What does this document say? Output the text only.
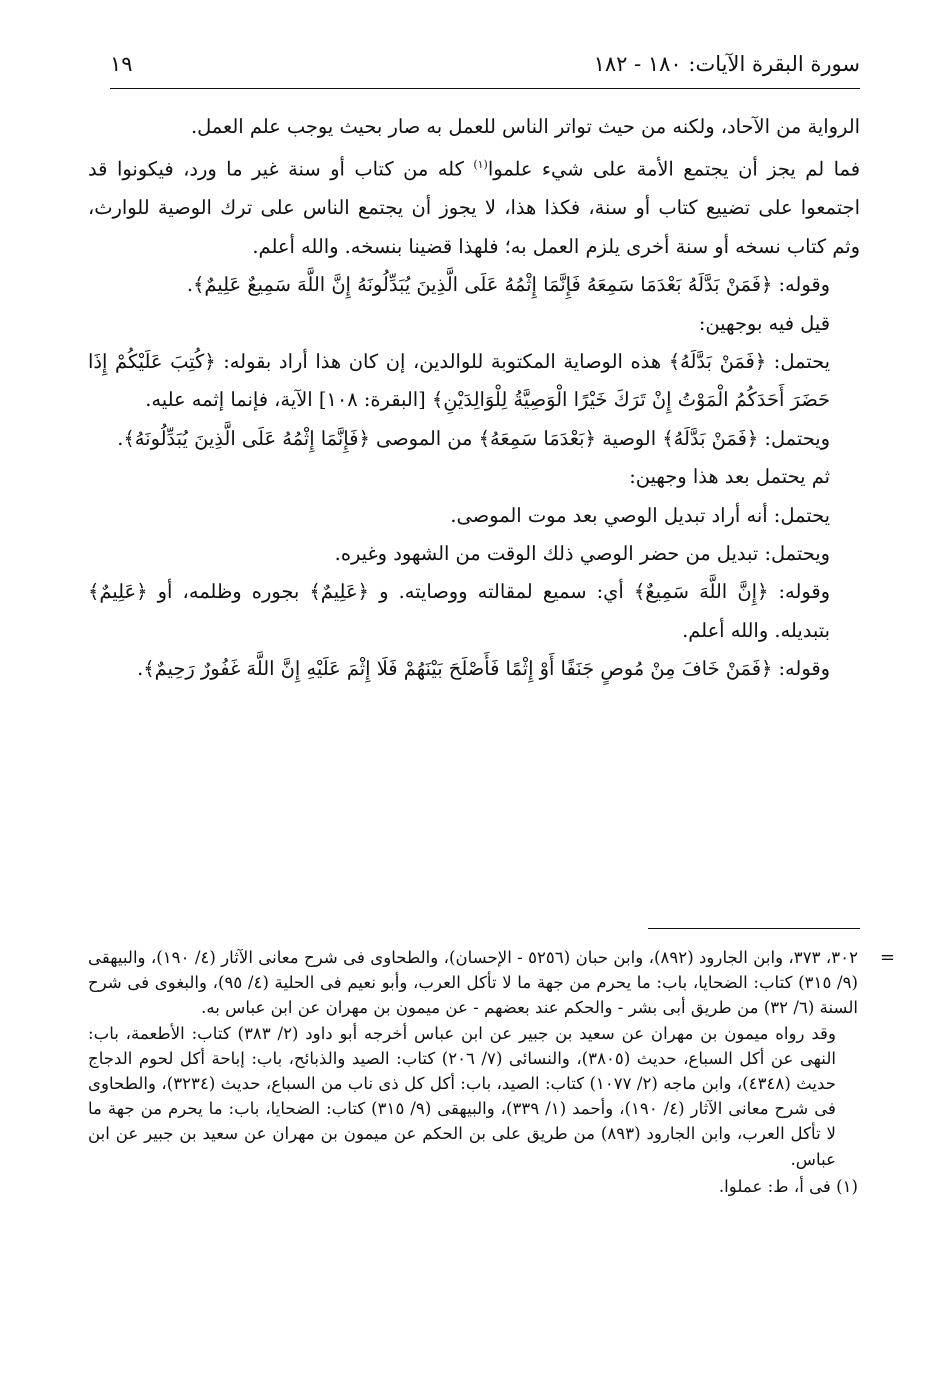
سورة البقرة الآيات: ١٨٠ - ١٨٢
١٩

الرواية من الآحاد، ولكنه من حيث تواتر الناس للعمل به صار بحيث يوجب علم العمل.

فما لم يجز أن يجتمع الأمة على شيء علموا$^{(١)}$ كله من كتاب أو سنة غير ما ورد، فيكونوا قد اجتمعوا على تضييع كتاب أو سنة، فكذا هذا، لا يجوز أن يجتمع الناس على ترك الوصية للوارث، وثم كتاب نسخه أو سنة أخرى يلزم العمل به؛ فلهذا قضينا بنسخه. والله أعلم.

وقوله: ﴿فَمَنْ بَدَّلَهُ بَعْدَمَا سَمِعَهُ فَإِنَّمَا إِثْمُهُ عَلَى الَّذِينَ يُبَدِّلُونَهُ إِنَّ اللَّهَ سَمِيعٌ عَلِيمٌ﴾.

قيل فيه بوجهين:

يحتمل: ﴿فَمَنْ بَدَّلَهُ﴾ هذه الوصاية المكتوبة للوالدين، إن كان هذا أراد بقوله: ﴿كُتِبَ عَلَيْكُمْ إِذَا حَضَرَ أَحَدَكُمُ الْمَوْتُ إِنْ تَرَكَ خَيْرًا الْوَصِيَّةُ لِلْوَالِدَيْنِ﴾ [البقرة: ١٠٨] الآية، فإنما إثمه عليه.

ويحتمل: ﴿فَمَنْ بَدَّلَهُ﴾ الوصية ﴿بَعْدَمَا سَمِعَهُ﴾ من الموصى ﴿فَإِنَّمَا إِثْمُهُ عَلَى الَّذِينَ يُبَدِّلُونَهُ﴾.

ثم يحتمل بعد هذا وجهين:

يحتمل: أنه أراد تبديل الوصي بعد موت الموصى.

ويحتمل: تبديل من حضر الوصي ذلك الوقت من الشهود وغيره.

وقوله: ﴿إِنَّ اللَّهَ سَمِيعٌ﴾ أي: سميع لمقالته ووصايته. و ﴿عَلِيمٌ﴾ بجوره وظلمه، أو ﴿عَلِيمٌ﴾ بتبديله. والله أعلم.

وقوله: ﴿فَمَنْ خَافَ مِنْ مُوصٍ جَنَفًا أَوْ إِثْمًا فَأَصْلَحَ بَيْنَهُمْ فَلَا إِثْمَ عَلَيْهِ إِنَّ اللَّهَ غَفُورٌ رَحِيمٌ﴾.

=

٣٠٢، ٣٧٣، وابن الجارود (٨٩٢)، وابن حبان (٥٢٥٦ - الإحسان)، والطحاوى فى شرح معانى الآثار (٤/ ١٩٠)، والبيهقى (٩/ ٣١٥) كتاب: الضحايا، باب: ما يحرم من جهة ما لا تأكل العرب، وأبو نعيم فى الحلية (٤/ ٩٥)، والبغوى فى شرح السنة (٦/ ٣٢) من طريق أبى بشر - والحكم عند بعضهم - عن ميمون بن مهران عن ابن عباس به.

وقد رواه ميمون بن مهران عن سعيد بن جبير عن ابن عباس أخرجه أبو داود (٢/ ٣٨٣) كتاب: الأطعمة، باب: النهى عن أكل السباع، حديث (٣٨٠٥)، والنسائى (٧/ ٢٠٦) كتاب: الصيد والذبائح، باب: إباحة أكل لحوم الدجاج حديث (٤٣٤٨)، وابن ماجه (٢/ ١٠٧٧) كتاب: الصيد، باب: أكل كل ذى ناب من السباع، حديث (٣٢٣٤)، والطحاوى فى شرح معانى الآثار (٤/ ١٩٠)، وأحمد (١/ ٣٣٩)، والبيهقى (٩/ ٣١٥) كتاب: الضحايا، باب: ما يحرم من جهة ما لا تأكل العرب، وابن الجارود (٨٩٣) من طريق على بن الحكم عن ميمون بن مهران عن سعيد بن جبير عن ابن عباس.

(١) فى أ، ط: عملوا.
